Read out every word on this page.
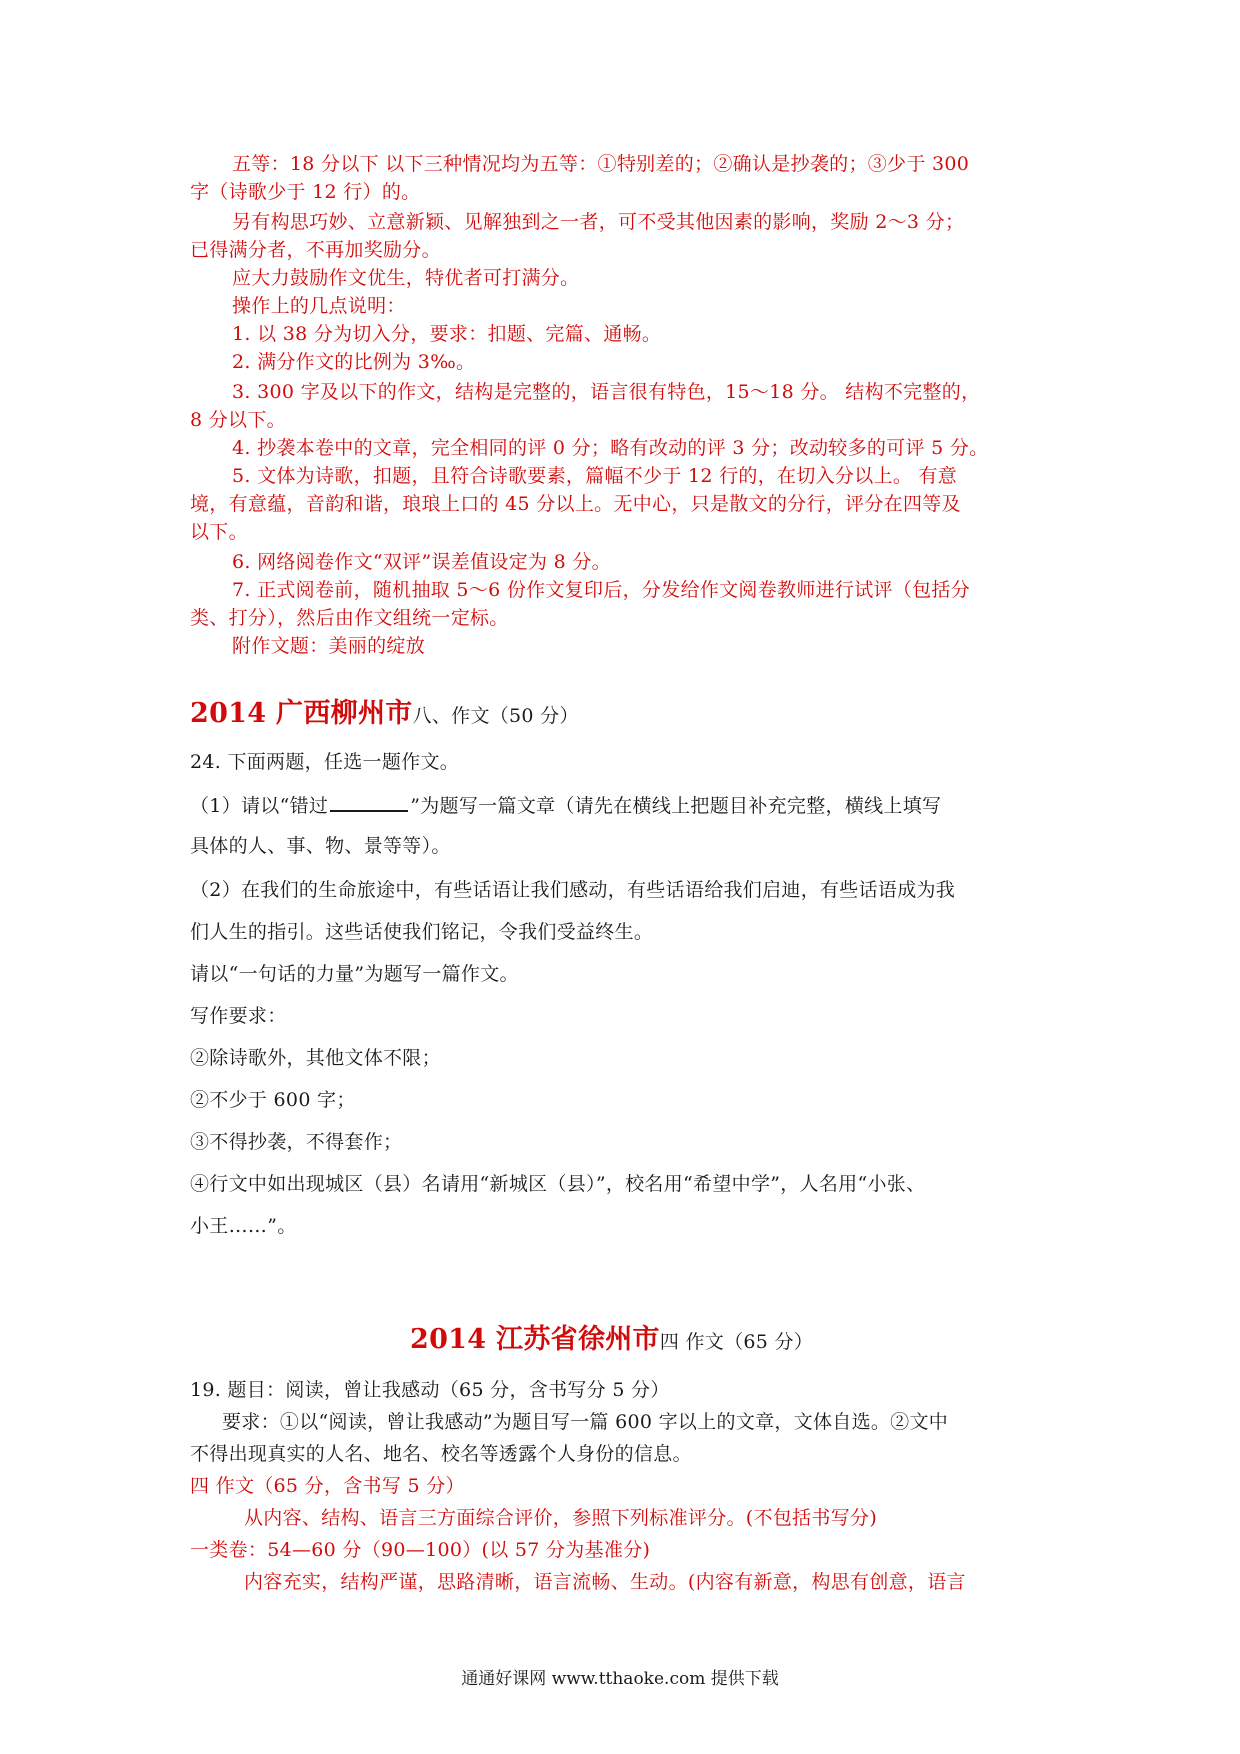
五等：18 分以下 以下三种情况均为五等：①特别差的；②确认是抄袭的；③少于 300
字（诗歌少于 12 行）的。
另有构思巧妙、立意新颖、见解独到之一者，可不受其他因素的影响，奖励 2～3 分；
已得满分者，不再加奖励分。
应大力鼓励作文优生，特优者可打满分。
操作上的几点说明：
1. 以 38 分为切入分，要求：扣题、完篇、通畅。
2. 满分作文的比例为 3‰。
3. 300 字及以下的作文，结构是完整的，语言很有特色，15～18 分。 结构不完整的，
8 分以下。
4. 抄袭本卷中的文章，完全相同的评 0 分；略有改动的评 3 分；改动较多的可评 5 分。
5. 文体为诗歌，扣题，且符合诗歌要素，篇幅不少于 12 行的，在切入分以上。 有意
境，有意蕴，音韵和谐，琅琅上口的 45 分以上。无中心，只是散文的分行，评分在四等及
以下。
6. 网络阅卷作文“双评”误差值设定为 8 分。
7. 正式阅卷前，随机抽取 5～6 份作文复印后，分发给作文阅卷教师进行试评（包括分
类、打分），然后由作文组统一定标。
附作文题：美丽的绽放
2014 广西柳州市八、作文（50 分）
24. 下面两题，任选一题作文。
（1）请以“错过	”为题写一篇文章（请先在横线上把题目补充完整，横线上填写
具体的人、事、物、景等等）。
（2）在我们的生命旅途中，有些话语让我们感动，有些话语给我们启迪，有些话语成为我
们人生的指引。这些话使我们铭记，令我们受益终生。
请以“一句话的力量”为题写一篇作文。
写作要求：
②除诗歌外，其他文体不限；
②不少于 600 字；
③不得抄袭，不得套作；
④行文中如出现城区（县）名请用“新城区（县）”，校名用“希望中学”，人名用“小张、
小王……”。
2014 江苏省徐州市四 作文（65 分）
19. 题目：阅读，曾让我感动（65 分，含书写分 5 分）
要求：①以“阅读，曾让我感动”为题目写一篇 600 字以上的文章，文体自选。②文中
不得出现真实的人名、地名、校名等透露个人身份的信息。
四 作文（65 分，含书写 5 分）
从内容、结构、语言三方面综合评价，参照下列标准评分。(不包括书写分)
一类卷：54—60 分（90—100）(以 57 分为基准分)
内容充实，结构严谨，思路清晰，语言流畅、生动。(内容有新意，构思有创意，语言
通通好课网 www.tthaoke.com 提供下载
